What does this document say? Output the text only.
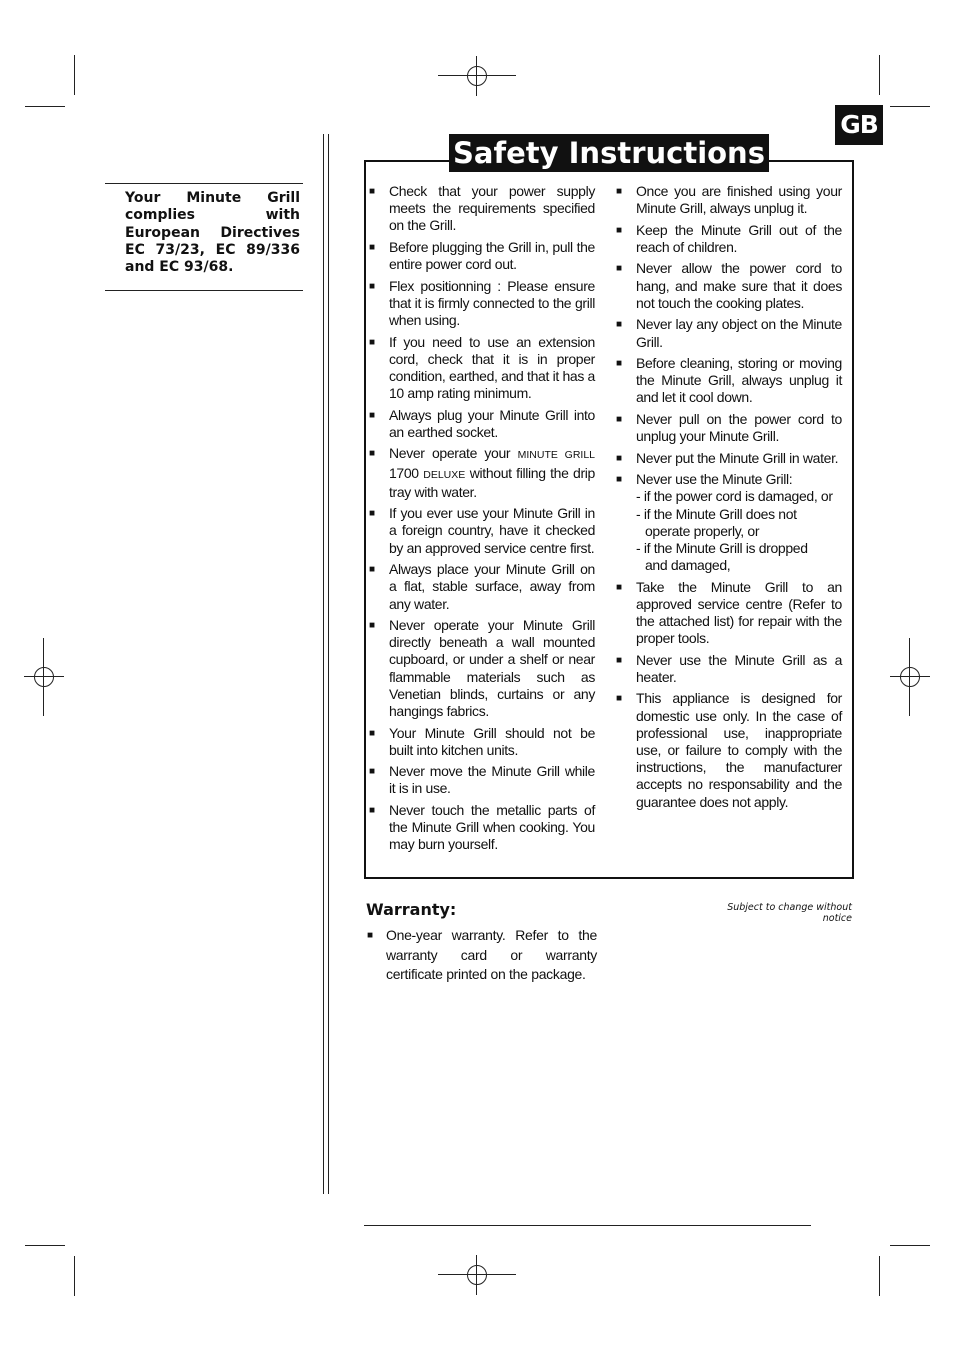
GB

Your Minute Grill complies with European Directives EC 73/23, EC 89/336 and EC 93/68.

Safety Instructions
■ Check that your power supply meets the requirements specified on the Grill.
■ Before plugging the Grill in, pull the entire power cord out.
■ Flex positionning : Please ensure that it is firmly connected to the grill when using.
■ If you need to use an extension cord, check that it is in proper condition, earthed, and that it has a 10 amp rating minimum.
■ Always plug your Minute Grill into an earthed socket.
■ Never operate your MINUTE GRILL 1700 DELUXE without filling the drip tray with water.
■ If you ever use your Minute Grill in a foreign country, have it checked by an approved service centre first.
■ Always place your Minute Grill on a flat, stable surface, away from any water.
■ Never operate your Minute Grill directly beneath a wall mounted cupboard, or under a shelf or near flammable materials such as Venetian blinds, curtains or any hangings fabrics.
■ Your Minute Grill should not be built into kitchen units.
■ Never move the Minute Grill while it is in use.
■ Never touch the metallic parts of the Minute Grill when cooking. You may burn yourself.
■ Once you are finished using your Minute Grill, always unplug it.
■ Keep the Minute Grill out of the reach of children.
■ Never allow the power cord to hang, and make sure that it does not touch the cooking plates.
■ Never lay any object on the Minute Grill.
■ Before cleaning, storing or moving the Minute Grill, always unplug it and let it cool down.
■ Never pull on the power cord to unplug your Minute Grill.
■ Never put the Minute Grill in water.
■ Never use the Minute Grill:
- if the power cord is damaged, or
- if the Minute Grill does not
operate properly, or
- if the Minute Grill is dropped
and damaged,
■ Take the Minute Grill to an approved service centre (Refer to the attached list) for repair with the proper tools.
■ Never use the Minute Grill as a heater.
■ This appliance is designed for domestic use only. In the case of professional use, inappropriate use, or failure to comply with the instructions, the manufacturer accepts no responsability and the guarantee does not apply.
Warranty:	Subject to change without notice
■ One-year warranty. Refer to the warranty card or warranty certificate printed on the package.
